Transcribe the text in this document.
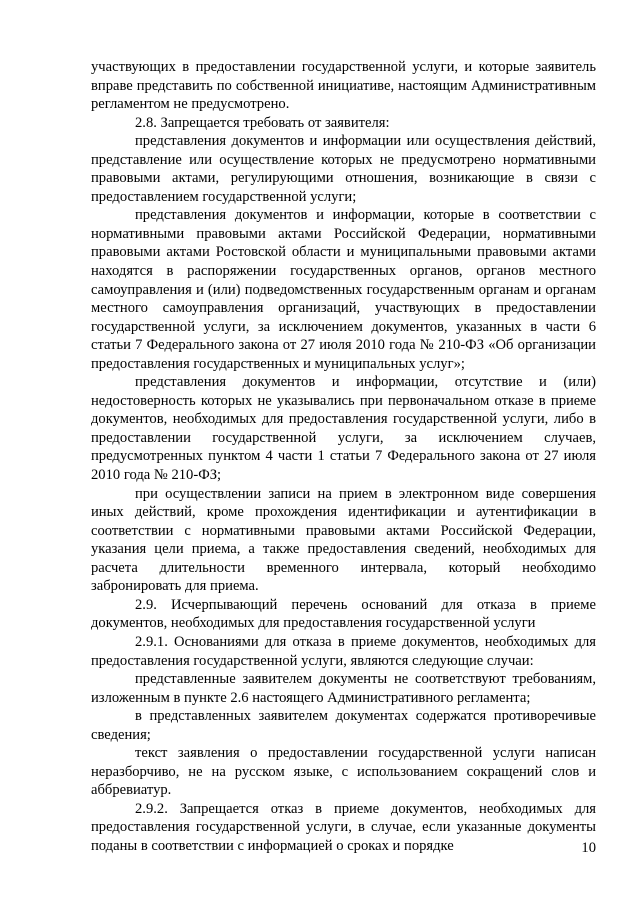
участвующих в предоставлении государственной услуги, и которые заявитель вправе представить по собственной инициативе, настоящим Административным регламентом не предусмотрено.

2.8. Запрещается требовать от заявителя:

представления документов и информации или осуществления действий, представление или осуществление которых не предусмотрено нормативными правовыми актами, регулирующими отношения, возникающие в связи с предоставлением государственной услуги;

представления документов и информации, которые в соответствии с нормативными правовыми актами Российской Федерации, нормативными правовыми актами Ростовской области и муниципальными правовыми актами находятся в распоряжении государственных органов, органов местного самоуправления и (или) подведомственных государственным органам и органам местного самоуправления организаций, участвующих в предоставлении государственной услуги, за исключением документов, указанных в части 6 статьи 7 Федерального закона от 27 июля 2010 года № 210-ФЗ «Об организации предоставления государственных и муниципальных услуг»;

представления документов и информации, отсутствие и (или) недостоверность которых не указывались при первоначальном отказе в приеме документов, необходимых для предоставления государственной услуги, либо в предоставлении государственной услуги, за исключением случаев, предусмотренных пунктом 4 части 1 статьи 7 Федерального закона от 27 июля 2010 года № 210-ФЗ;

при осуществлении записи на прием в электронном виде совершения иных действий, кроме прохождения идентификации и аутентификации в соответствии с нормативными правовыми актами Российской Федерации, указания цели приема, а также предоставления сведений, необходимых для расчета длительности временного интервала, который необходимо забронировать для приема.

2.9. Исчерпывающий перечень оснований для отказа в приеме документов, необходимых для предоставления государственной услуги

2.9.1. Основаниями для отказа в приеме документов, необходимых для предоставления государственной услуги, являются следующие случаи:

представленные заявителем документы не соответствуют требованиям, изложенным в пункте 2.6 настоящего Административного регламента;

в представленных заявителем документах содержатся противоречивые сведения;

текст заявления о предоставлении государственной услуги написан неразборчиво, не на русском языке, с использованием сокращений слов и аббревиатур.

2.9.2. Запрещается отказ в приеме документов, необходимых для предоставления государственной услуги, в случае, если указанные документы поданы в соответствии с информацией о сроках и порядке	10
